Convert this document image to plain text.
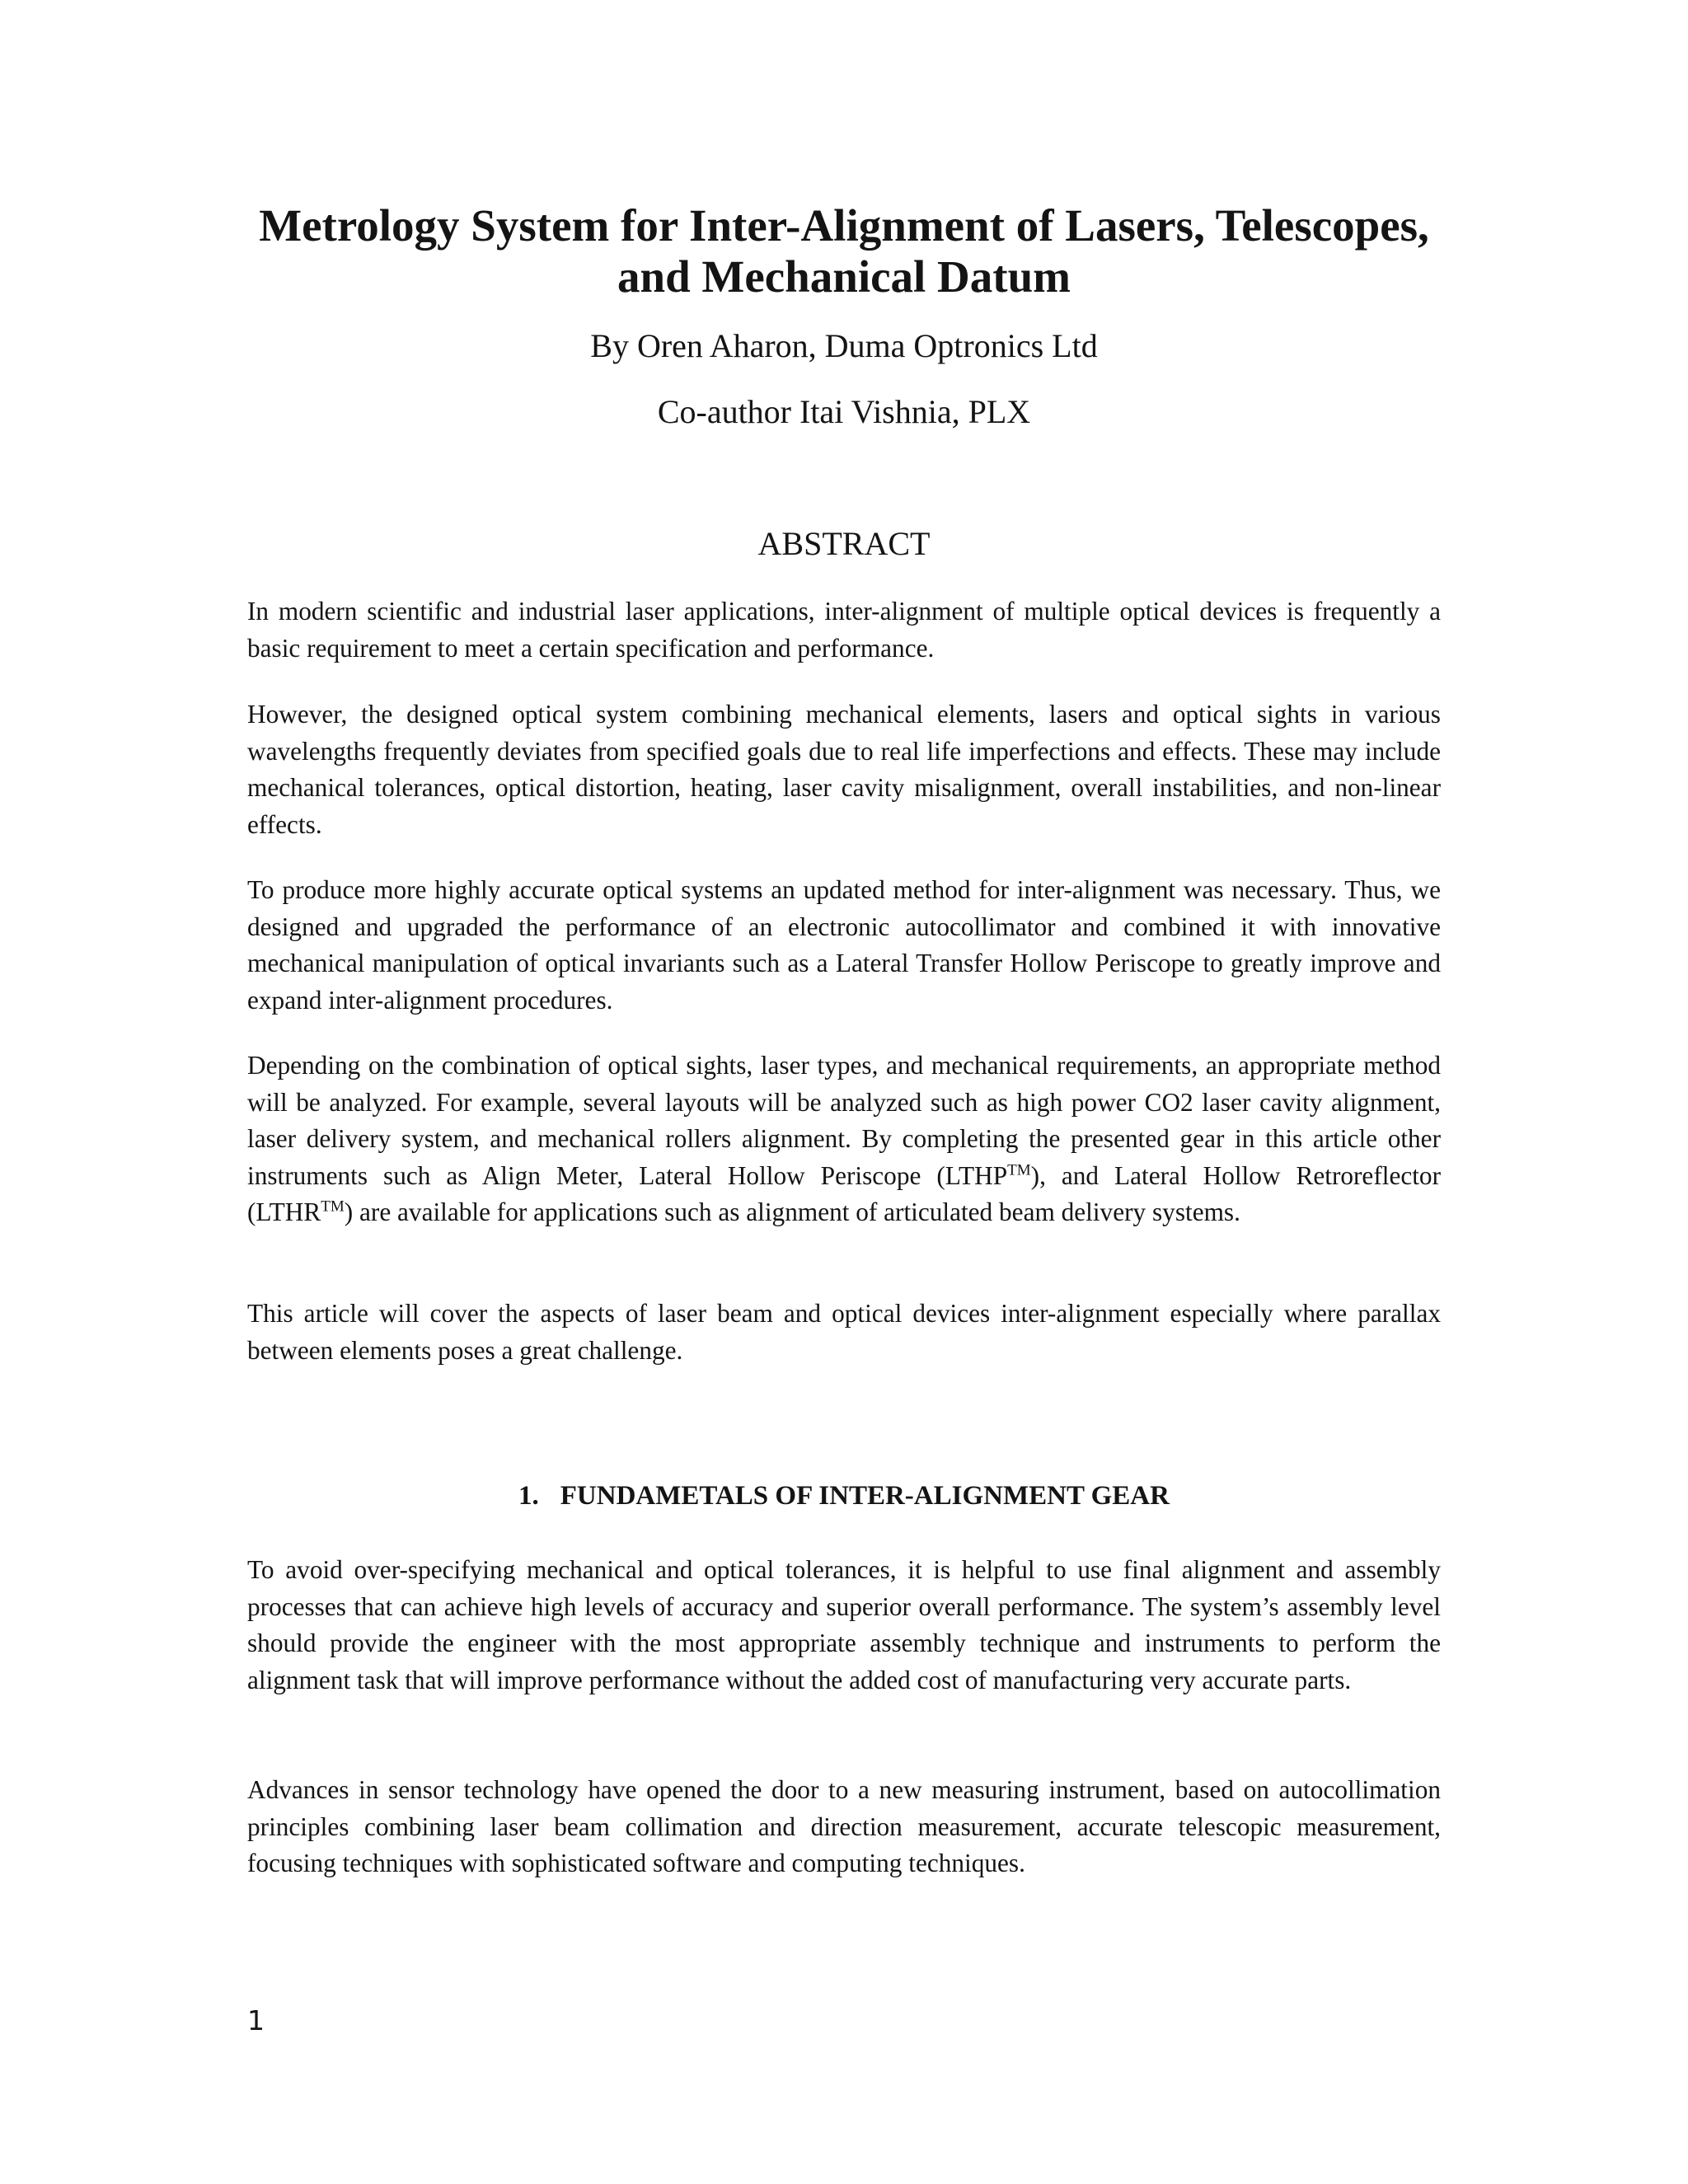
Metrology System for Inter-Alignment of Lasers, Telescopes,
and Mechanical Datum

By Oren Aharon, Duma Optronics Ltd

Co-author Itai Vishnia, PLX

ABSTRACT

In modern scientific and industrial laser applications, inter-alignment of multiple optical devices is frequently a basic requirement to meet a certain specification and performance.

However, the designed optical system combining mechanical elements, lasers and optical sights in various wavelengths frequently deviates from specified goals due to real life imperfections and effects. These may include mechanical tolerances, optical distortion, heating, laser cavity misalignment, overall instabilities, and non-linear effects.

To produce more highly accurate optical systems an updated method for inter-alignment was necessary. Thus, we designed and upgraded the performance of an electronic autocollimator and combined it with innovative mechanical manipulation of optical invariants such as a Lateral Transfer Hollow Periscope to greatly improve and expand inter-alignment procedures.

Depending on the combination of optical sights, laser types, and mechanical requirements, an appropriate method will be analyzed. For example, several layouts will be analyzed such as high power CO2 laser cavity alignment, laser delivery system, and mechanical rollers alignment. By completing the presented gear in this article other instruments such as Align Meter, Lateral Hollow Periscope (LTHP™), and Lateral Hollow Retroreflector (LTHR™) are available for applications such as alignment of articulated beam delivery systems.

This article will cover the aspects of laser beam and optical devices inter-alignment especially where parallax between elements poses a great challenge.

1. FUNDAMETALS OF INTER-ALIGNMENT GEAR

To avoid over-specifying mechanical and optical tolerances, it is helpful to use final alignment and assembly processes that can achieve high levels of accuracy and superior overall performance. The system’s assembly level should provide the engineer with the most appropriate assembly technique and instruments to perform the alignment task that will improve performance without the added cost of manufacturing very accurate parts.

Advances in sensor technology have opened the door to a new measuring instrument, based on autocollimation principles combining laser beam collimation and direction measurement, accurate telescopic measurement, focusing techniques with sophisticated software and computing techniques.

1
